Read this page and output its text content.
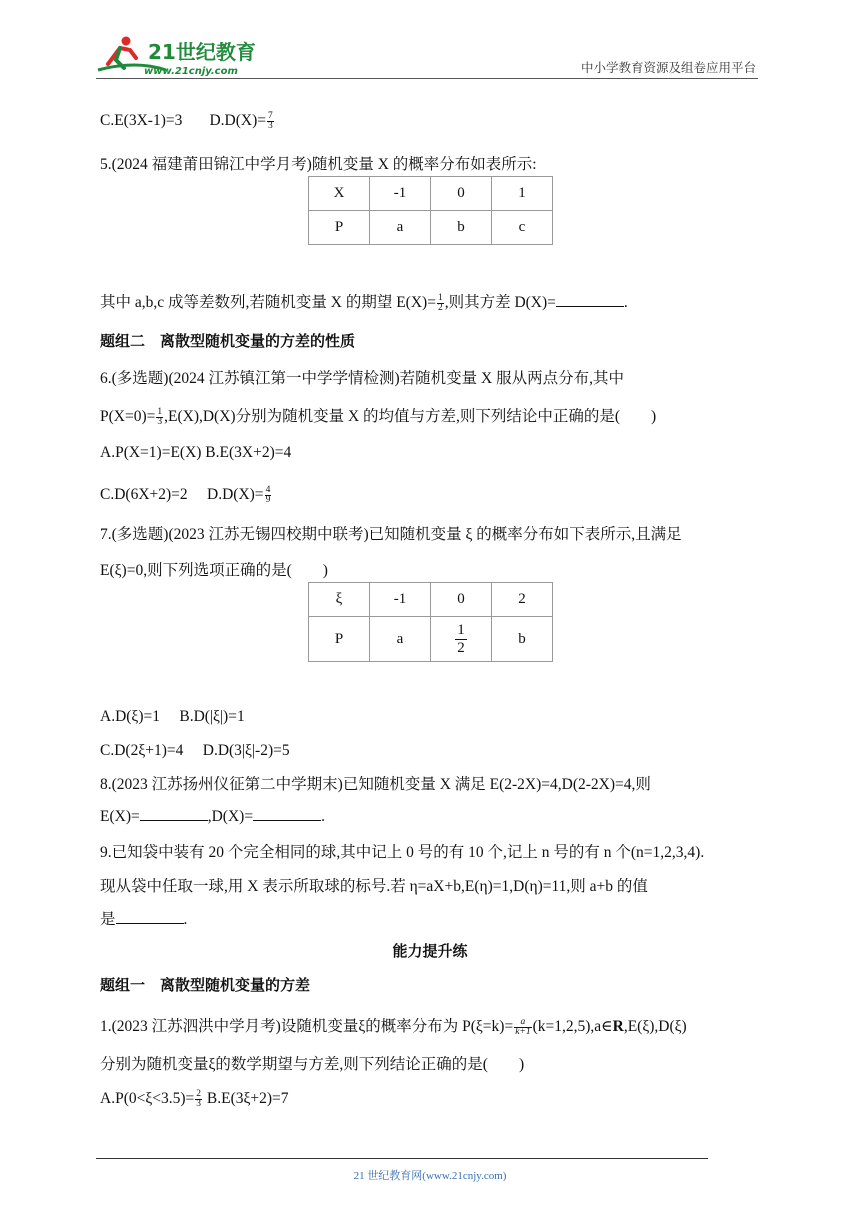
21世纪教育
www.21cnjy.com	中小学教育资源及组卷应用平台
C.E(3X-1)=3 $D.D(X)= \frac{7}{3}$
5.(2024 福建莆田锦江中学月考)随机变量 X 的概率分布如表所示:
X	-1	0	1
P	a	b	c
其中 a,b,c 成等差数列,若随机变量 X 的期望 $E(X)= \frac{1}{2}$ ,则其方差 D(X)=	.
题组二　离散型随机变量的方差的性质
6.(多选题)(2024 江苏镇江第一中学学情检测)若随机变量 X 服从两点分布,其中
$P(X=0)= \frac{1}{3} ,E(X),D(X)$分别为随机变量 X 的均值与方差,则下列结论中正确的是(　　)
A.P(X=1)=E(X) B.E(3X+2)=4
C.D(6X+2)=2　 $D.D(X)= \frac{4}{9}$
7.(多选题)(2023 江苏无锡四校期中联考)已知随机变量 ξ 的概率分布如下表所示,且满足
E(ξ)=0,则下列选项正确的是(　　)
ξ	-1	0	2
P	a	$\frac{1}{2}$	b
A.D(ξ)=1　 B.D(|ξ|)=1
C.D(2ξ+1)=4　 D.D(3|ξ|-2)=5
8.(2023 江苏扬州仪征第二中学期末)已知随机变量 X 满足 E(2-2X)=4,D(2-2X)=4,则
E(X)=	,D(X)=	.
9.已知袋中装有 20 个完全相同的球,其中记上 0 号的有 10 个,记上 n 号的有 n 个(n=1,2,3,4).
现从袋中任取一球,用 X 表示所取球的标号.若 η=aX+b,E(η)=1,D(η)=11,则 a+b 的值
是	.
能力提升练
题组一　离散型随机变量的方差
1.(2023 江苏泗洪中学月考)设随机变量ξ的概率分布为 $P(\xi=k)= \frac{a}{k+1}$ (k=1,2,5),a∈R,E(ξ),D(ξ)
分别为随机变量ξ的数学期望与方差,则下列结论正确的是(　　)
$A.P(0<\xi<3.5)= \frac{2}{3} B.E(3\xi+2)=7$
21 世纪教育网(www.21cnjy.com)
